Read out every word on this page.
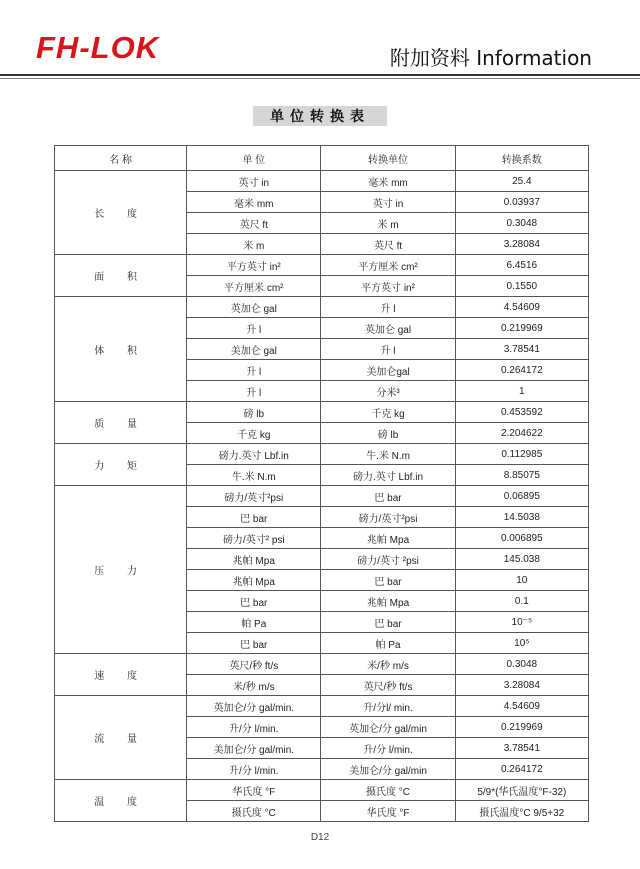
FH-LOK	附加资料 Information
单位转换表
名 称	单 位	转换单位	转换系数
长 度	英寸 in	毫米 mm	25.4
	毫米 mm	英寸 in	0.03937
	英尺 ft	米 m	0.3048
	米 m	英尺 ft	3.28084
面 积	平方英寸 in²	平方厘米 cm²	6.4516
	平方厘米 cm²	平方英寸 in²	0.1550
体 积	英加仑 gal	升 l	4.54609
	升 l	英加仑 gal	0.219969
	美加仑 gal	升 l	3.78541
	升 l	美加仑gal	0.264172
	升 l	分米³	1
质 量	磅 lb	千克 kg	0.453592
	千克 kg	磅 lb	2.204622
力 矩	磅力.英寸 Lbf.in	牛.米 N.m	0.112985
	牛.米 N.m	磅力.英寸 Lbf.in	8.85075
压 力	磅力/英寸²psi	巴 bar	0.06895
	巴 bar	磅力/英寸²psi	14.5038
	磅力/英寸² psi	兆帕 Mpa	0.006895
	兆帕 Mpa	磅力/英寸 ²psi	145.038
	兆帕 Mpa	巴 bar	10
	巴 bar	兆帕 Mpa	0.1
	帕 Pa	巴 bar	10⁻⁵
	巴 bar	帕 Pa	10⁵
速 度	英尺/秒 ft/s	米/秒 m/s	0.3048
	米/秒 m/s	英尺/秒 ft/s	3.28084
流 量	英加仑/分 gal/min.	升/分l/ min.	4.54609
	升/分 l/min.	英加仑/分 gal/min	0.219969
	美加仑/分 gal/min.	升/分 l/min.	3.78541
	升/分 l/min.	美加仑/分 gal/min	0.264172
温 度	华氏度 °F	摄氏度 °C	5/9*(华氏温度°F-32)
	摄氏度 °C	华氏度 °F	摄氏温度°C 9/5+32
D12
